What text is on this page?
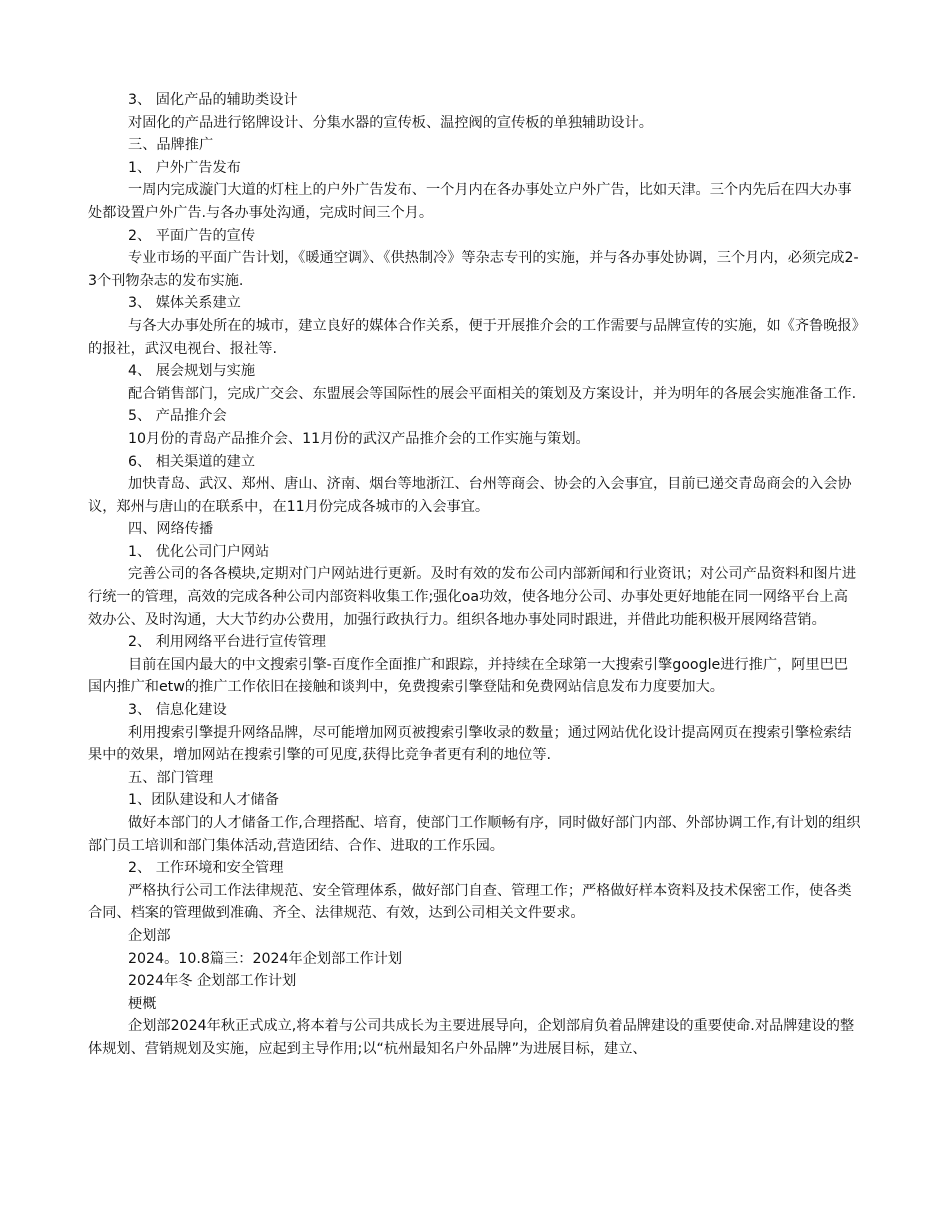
3、 固化产品的辅助类设计

对固化的产品进行铭牌设计、分集水器的宣传板、温控阀的宣传板的单独辅助设计。

三、品牌推广

1、 户外广告发布

一周内完成漩门大道的灯柱上的户外广告发布、一个月内在各办事处立户外广告，比如天津。三个内先后在四大办事处都设置户外广告.与各办事处沟通，完成时间三个月。

2、 平面广告的宣传

专业市场的平面广告计划，《暖通空调》、《供热制冷》等杂志专刊的实施，并与各办事处协调，三个月内，必须完成2-3个刊物杂志的发布实施.

3、 媒体关系建立

与各大办事处所在的城市，建立良好的媒体合作关系，便于开展推介会的工作需要与品牌宣传的实施，如《齐鲁晚报》的报社，武汉电视台、报社等.

4、 展会规划与实施

配合销售部门，完成广交会、东盟展会等国际性的展会平面相关的策划及方案设计，并为明年的各展会实施准备工作.

5、 产品推介会

10月份的青岛产品推介会、11月份的武汉产品推介会的工作实施与策划。

6、 相关渠道的建立

加快青岛、武汉、郑州、唐山、济南、烟台等地浙江、台州等商会、协会的入会事宜，目前已递交青岛商会的入会协议，郑州与唐山的在联系中，在11月份完成各城市的入会事宜。

四、网络传播

1、 优化公司门户网站

完善公司的各各模块,定期对门户网站进行更新。及时有效的发布公司内部新闻和行业资讯；对公司产品资料和图片进行统一的管理，高效的完成各种公司内部资料收集工作;强化oa功效，使各地分公司、办事处更好地能在同一网络平台上高效办公、及时沟通，大大节约办公费用，加强行政执行力。组织各地办事处同时跟进，并借此功能积极开展网络营销。

2、 利用网络平台进行宣传管理

目前在国内最大的中文搜索引擎-百度作全面推广和跟踪，并持续在全球第一大搜索引擎google进行推广，阿里巴巴国内推广和etw的推广工作依旧在接触和谈判中，免费搜索引擎登陆和免费网站信息发布力度要加大。

3、 信息化建设

利用搜索引擎提升网络品牌，尽可能增加网页被搜索引擎收录的数量；通过网站优化设计提高网页在搜索引擎检索结果中的效果，增加网站在搜索引擎的可见度,获得比竞争者更有利的地位等.

五、部门管理

1、团队建设和人才储备

做好本部门的人才储备工作,合理搭配、培育，使部门工作顺畅有序，同时做好部门内部、外部协调工作,有计划的组织部门员工培训和部门集体活动,营造团结、合作、进取的工作乐园。

2、 工作环境和安全管理

严格执行公司工作法律规范、安全管理体系，做好部门自查、管理工作；严格做好样本资料及技术保密工作，使各类合同、档案的管理做到准确、齐全、法律规范、有效，达到公司相关文件要求。

企划部

2024。10.8篇三：2024年企划部工作计划

2024年冬 企划部工作计划

梗概

企划部2024年秋正式成立,将本着与公司共成长为主要进展导向，企划部肩负着品牌建设的重要使命.对品牌建设的整体规划、营销规划及实施，应起到主导作用;以“杭州最知名户外品牌”为进展目标，建立、
